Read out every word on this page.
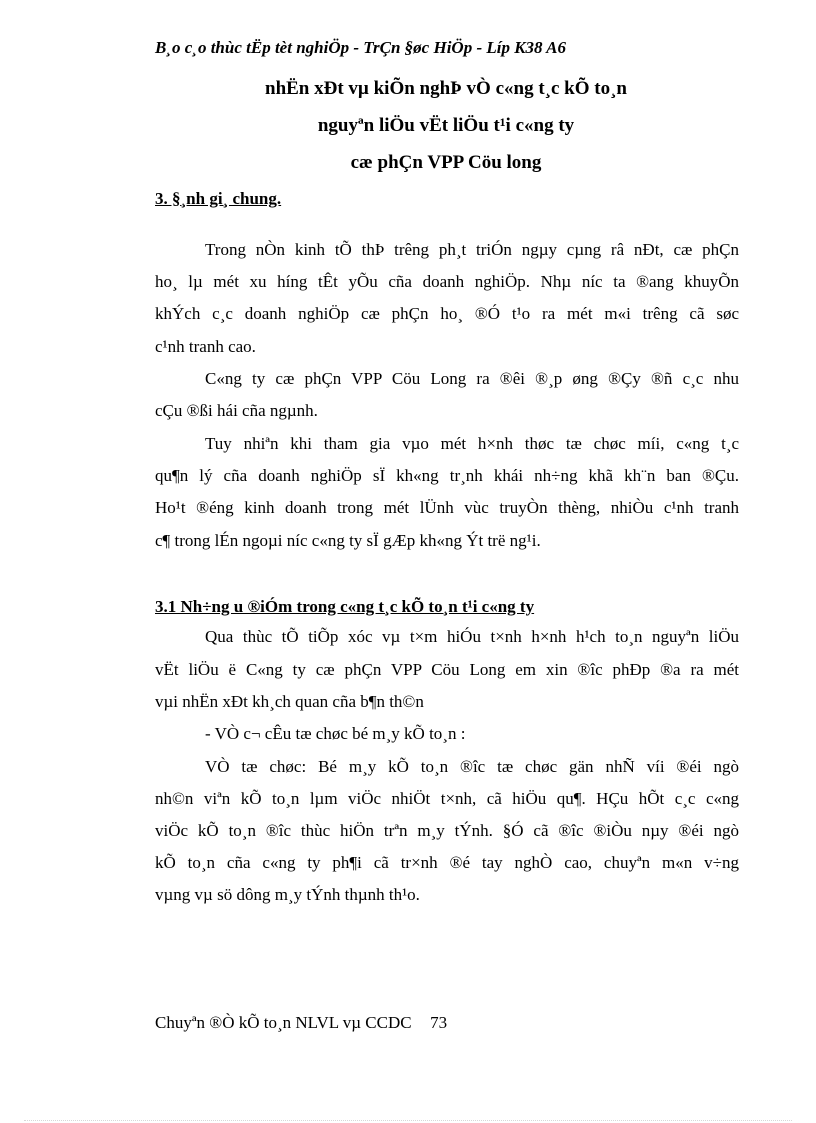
B¸o c¸o thùc tËp tèt nghiÖp - TrÇn §øc HiÖp - Líp K38 A6
nhËn xÐt vµ kiÕn nghÞ vÒ c«ng t¸c kÕ to¸n
nguyªn liÖu vËt liÖu t¹i c«ng ty
cæ phÇn VPP Cöu long
3. §¸nh gi¸ chung.
Trong nÒn kinh tÕ thÞ trêng ph¸t triÓn ngµy cµng râ nÐt, cæ phÇn
ho¸ lµ mét xu híng tÊt yÕu cña doanh nghiÖp. Nhµ níc ta ®ang khuyÕn
khÝch c¸c doanh nghiÖp cæ phÇn ho¸ ®Ó t¹o ra mét m«i trêng cã søc
c¹nh tranh cao.
C«ng ty cæ phÇn VPP Cöu Long ra ®êi ®¸p øng ®Çy ®ñ c¸c nhu
cÇu ®ßi hái cña ngµnh.
Tuy nhiªn khi tham gia vµo mét h×nh thøc tæ chøc míi, c«ng t¸c
qu¶n lý cña doanh nghiÖp sÏ kh«ng tr¸nh khái nh÷ng khã kh¨n ban ®Çu.
Ho¹t ®éng kinh doanh trong mét lÜnh vùc truyÒn thèng, nhiÒu c¹nh tranh
c¶ trong lÉn ngoµi níc c«ng ty sÏ gÆp kh«ng Ýt trë ng¹i.
3.1 Nh÷ng u ®iÓm trong c«ng t¸c kÕ to¸n t¹i c«ng ty
Qua thùc tÕ tiÕp xóc vµ t×m hiÓu t×nh h×nh h¹ch to¸n nguyªn liÖu
vËt liÖu ë C«ng ty cæ phÇn VPP Cöu Long em xin ®îc phÐp ®a ra mét
vµi nhËn xÐt kh¸ch quan cña b¶n th©n
- VÒ c¬ cÊu tæ chøc bé m¸y kÕ to¸n :
VÒ tæ chøc: Bé m¸y kÕ to¸n ®îc tæ chøc gän nhÑ víi ®éi ngò
nh©n viªn kÕ to¸n lµm viÖc nhiÖt t×nh, cã hiÖu qu¶. HÇu hÕt c¸c c«ng
viÖc kÕ to¸n ®îc thùc hiÖn trªn m¸y tÝnh. §Ó cã ®îc ®iÒu nµy ®éi ngò
kÕ to¸n cña c«ng ty ph¶i cã tr×nh ®é tay nghÒ cao, chuyªn m«n v÷ng
vµng vµ sö dông m¸y tÝnh thµnh th¹o.
Chuyªn ®Ò kÕ to¸n NLVL vµ CCDC 73
